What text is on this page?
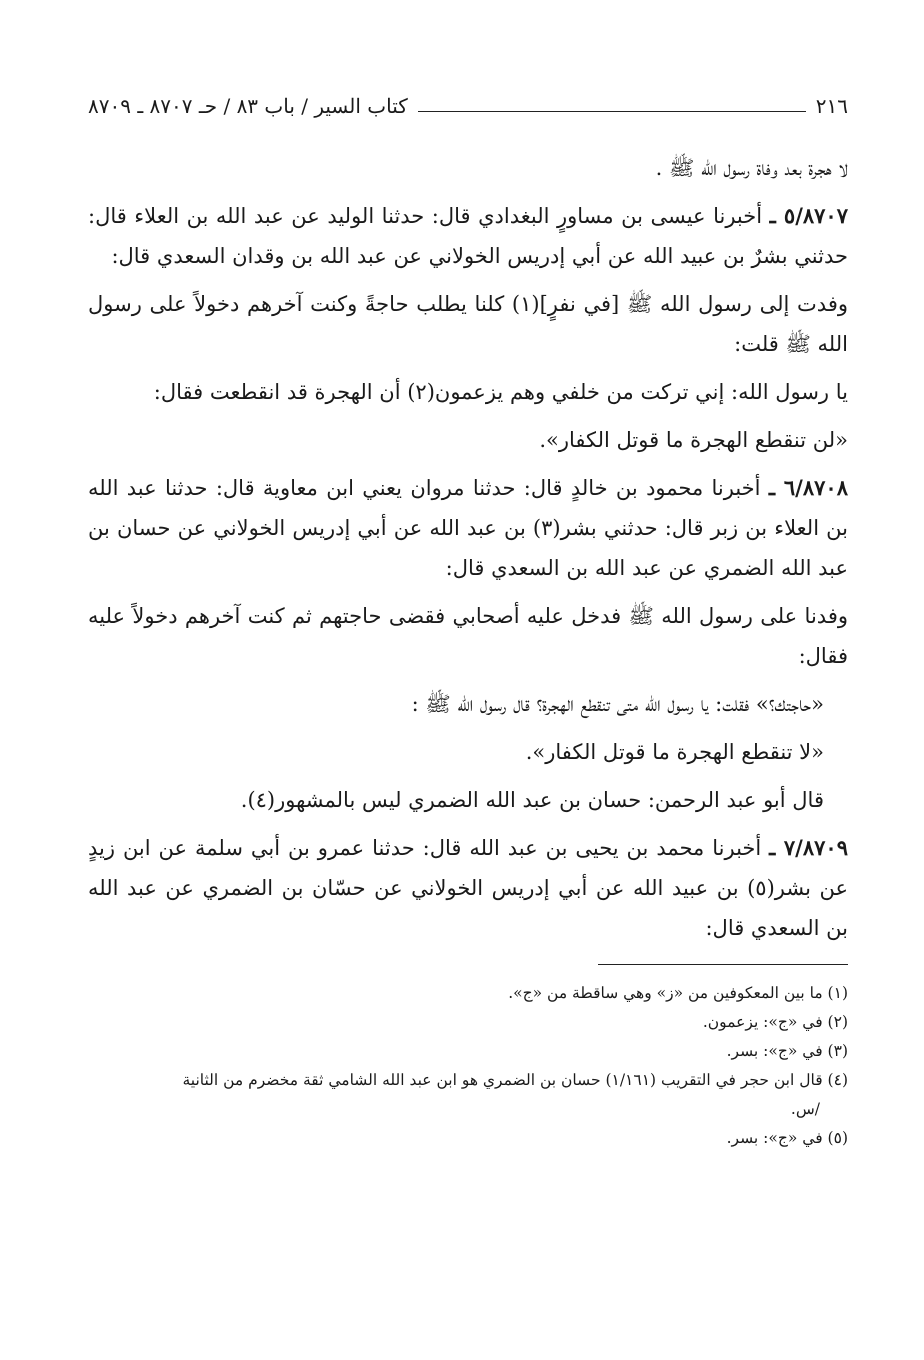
٢١٦
كتاب السير / باب ٨٣ / حـ ٨٧٠٧ ـ ٨٧٠٩

لا هجرة بعد وفاة رسول الله ﷺ .

٥/٨٧٠٧ ـ أخبرنا عيسى بن مساورٍ البغدادي قال: حدثنا الوليد عن عبد الله بن العلاء قال: حدثني بشرٌ بن عبيد الله عن أبي إدريس الخولاني عن عبد الله بن وقدان السعدي قال:

وفدت إلى رسول الله ﷺ [في نفرٍ](١) كلنا يطلب حاجةً وكنت آخرهم دخولاً على رسول الله ﷺ قلت:

يا رسول الله: إني تركت من خلفي وهم يزعمون(٢) أن الهجرة قد انقطعت فقال:

«لن تنقطع الهجرة ما قوتل الكفار».

٦/٨٧٠٨ ـ أخبرنا محمود بن خالدٍ قال: حدثنا مروان يعني ابن معاوية قال: حدثنا عبد الله بن العلاء بن زبر قال: حدثني بشر(٣) بن عبد الله عن أبي إدريس الخولاني عن حسان بن عبد الله الضمري عن عبد الله بن السعدي قال:

وفدنا على رسول الله ﷺ فدخل عليه أصحابي فقضى حاجتهم ثم كنت آخرهم دخولاً عليه فقال:

«حاجتك؟» فقلت: يا رسول الله متى تنقطع الهجرة؟ قال رسول الله ﷺ :

«لا تنقطع الهجرة ما قوتل الكفار».

قال أبو عبد الرحمن: حسان بن عبد الله الضمري ليس بالمشهور(٤).

٧/٨٧٠٩ ـ أخبرنا محمد بن يحيى بن عبد الله قال: حدثنا عمرو بن أبي سلمة عن ابن زيدٍ عن بشر(٥) بن عبيد الله عن أبي إدريس الخولاني عن حسّان بن الضمري عن عبد الله بن السعدي قال:

(١) ما بين المعكوفين من «ز» وهي ساقطة من «ج».

(٢) في «ج»: يزعمون.

(٣) في «ج»: بسر.

(٤) قال ابن حجر في التقريب (١/١٦١) حسان بن الضمري هو ابن عبد الله الشامي ثقة مخضرم من الثانية

/س.

(٥) في «ج»: بسر.
